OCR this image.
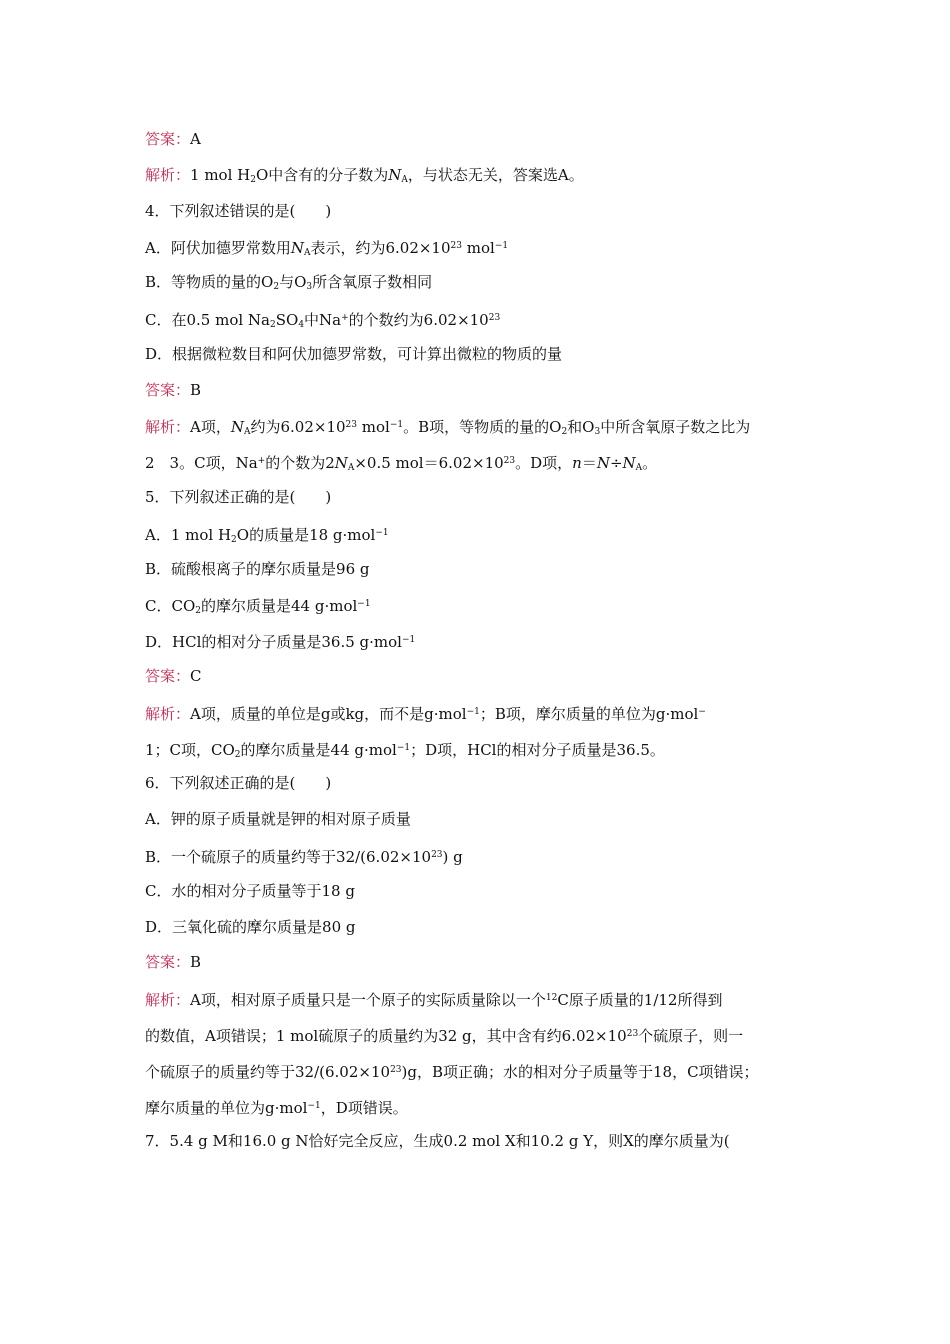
答案：A
解析：1 mol $H_2O$中含有的分子数为$N_A$，与状态无关，答案选A。
4．下列叙述错误的是(　　)
A．阿伏加德罗常数用$N_A$表示，约为$6.02\times 10^{23}$ mol$^{-1}$
B．等物质的量的$O_2$与$O_3$所含氧原子数相同
C．在0.5 mol $Na_2SO_4$中Na+的个数约为$6.02\times 10^{23}$
D．根据微粒数目和阿伏加德罗常数，可计算出微粒的物质的量
答案：B
解析：A项，$N_A$约为$6.02\times 10^{23}$ mol$^{-1}$。B项，等物质的量的$O_2$和$O_3$中所含氧原子数之比为
2　3。C项，Na+的个数为$2N_A\times 0.5$ $mol=6.02\times 10^{23}$。D项，$n=N\div N_A$。
5．下列叙述正确的是(　　)
A．1 mol $H_2O$的质量是18 g·mol$^{-1}$
B．硫酸根离子的摩尔质量是96 g
C．$CO_2$的摩尔质量是44 g·mol$^{-1}$
D．HCl的相对分子质量是36.5 g·mol$^{-1}$
答案：C
解析：A项，质量的单位是g或kg，而不是g·mol$^{-1}$；B项，摩尔质量的单位为g·mol−
1；C项，$CO_2$的摩尔质量是44 g·mol$^{-1}$；D项，HCl的相对分子质量是36.5。
6．下列叙述正确的是(　　)
A．钾的原子质量就是钾的相对原子质量
B．一个硫原子的质量约等于$32/(6.02\times 10^{23})$ g
C．水的相对分子质量等于18 g
D．三氧化硫的摩尔质量是80 g
答案：B
解析：A项，相对原子质量只是一个原子的实际质量除以一个$^{12}$C原子质量的1/12所得到
的数值，A项错误；1 mol硫原子的质量约为32 g，其中含有约$6.02\times 10^{23}$个硫原子，则一
个硫原子的质量约等于$32/(6.02\times 10^{23})g$，B项正确；水的相对分子质量等于18，C项错误；
摩尔质量的单位为g·mol$^{-1}$，D项错误。
7．5.4 g M和16.0 g N恰好完全反应，生成0.2 mol X和10.2 g Y，则X的摩尔质量为(
